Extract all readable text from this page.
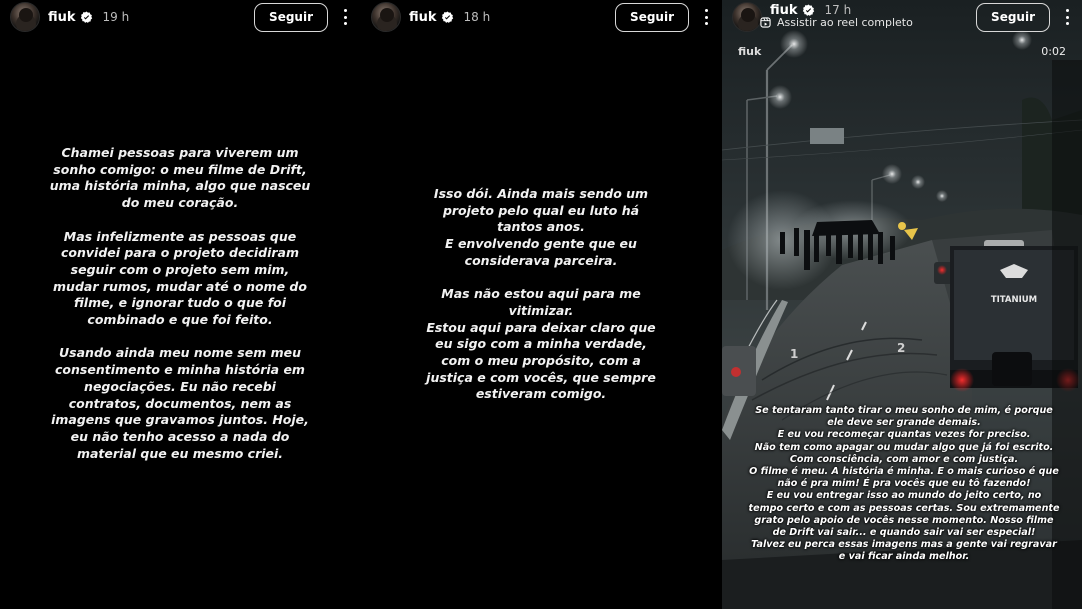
fiuk 19 h	Seguir

Chamei pessoas para viverem um
sonho comigo: o meu filme de Drift,
uma história minha, algo que nasceu
do meu coração.

Mas infelizmente as pessoas que
convidei para o projeto decidiram
seguir com o projeto sem mim,
mudar rumos, mudar até o nome do
filme, e ignorar tudo o que foi
combinado e que foi feito.

Usando ainda meu nome sem meu
consentimento e minha história em
negociações. Eu não recebi
contratos, documentos, nem as
imagens que gravamos juntos. Hoje,
eu não tenho acesso a nada do
material que eu mesmo criei.

fiuk 18 h	Seguir

Isso dói. Ainda mais sendo um
projeto pelo qual eu luto há
tantos anos.
E envolvendo gente que eu
considerava parceira.

Mas não estou aqui para me
vitimizar.
Estou aqui para deixar claro que
eu sigo com a minha verdade,
com o meu propósito, com a
justiça e com vocês, que sempre
estiveram comigo.

1	2
TITANIUM
fiuk 17 h	Seguir
Assistir ao reel completo
fiuk	0:02
Se tentaram tanto tirar o meu sonho de mim, é porque
ele deve ser grande demais.
E eu vou recomeçar quantas vezes for preciso.
Não tem como apagar ou mudar algo que já foi escrito.
Com consciência, com amor e com justiça.
O filme é meu. A história é minha. E o mais curioso é que
não é pra mim! É pra vocês que eu tô fazendo!
E eu vou entregar isso ao mundo do jeito certo, no
tempo certo e com as pessoas certas. Sou extremamente
grato pelo apoio de vocês nesse momento. Nosso filme
de Drift vai sair... e quando sair vai ser especial!
Talvez eu perca essas imagens mas a gente vai regravar
e vai ficar ainda melhor.
